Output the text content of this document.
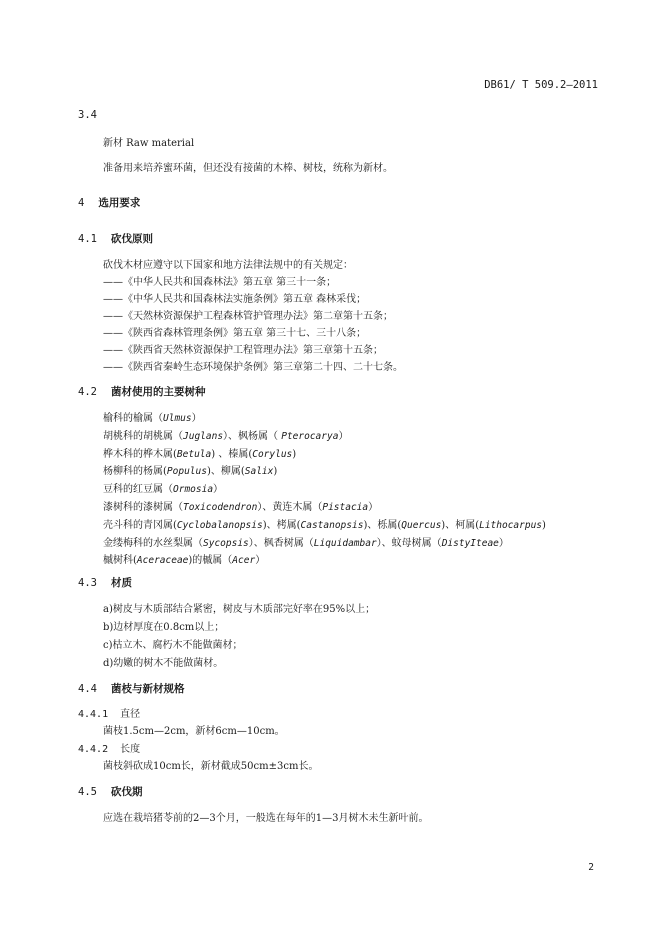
DB61/ T 509.2—2011
3.4
新材 Raw material
准备用来培养蜜环菌，但还没有接菌的木棒、树枝，统称为新材。
4 选用要求
4.1 砍伐原则
砍伐木材应遵守以下国家和地方法律法规中的有关规定：
——《中华人民共和国森林法》第五章 第三十一条；
——《中华人民共和国森林法实施条例》第五章 森林采伐；
——《天然林资源保护工程森林管护管理办法》第二章第十五条；
——《陕西省森林管理条例》第五章 第三十七、三十八条；
——《陕西省天然林资源保护工程管理办法》第三章第十五条；
——《陕西省秦岭生态环境保护条例》第三章第二十四、二十七条。
4.2 菌材使用的主要树种
榆科的榆属（Ulmus）
胡桃科的胡桃属（Juglans）、枫杨属（ Pterocarya）
桦木科的桦木属(Betula) 、榛属(Corylus)
杨柳科的杨属(Populus)、柳属(Salix)
豆科的红豆属（Ormosia）
漆树科的漆树属（Toxicodendron）、黄连木属（Pistacia）
壳斗科的青冈属(Cyclobalanopsis)、栲属(Castanopsis)、栎属(Quercus)、柯属(Lithocarpus)
金缕梅科的水丝梨属（Sycopsis）、枫香树属（Liquidambar）、蚊母树属（DistyIteae）
槭树科(Aceraceae)的槭属（Acer）
4.3 材质
a)树皮与木质部结合紧密，树皮与木质部完好率在95%以上；
b)边材厚度在0.8cm以上；
c)枯立木、腐朽木不能做菌材；
d)幼嫩的树木不能做菌材。
4.4 菌枝与新材规格
4.4.1 直径
菌枝1.5cm—2cm，新材6cm—10cm。
4.4.2 长度
菌枝斜砍成10cm长，新材截成50cm±3cm长。
4.5 砍伐期
应选在栽培猪苓前的2—3个月，一般选在每年的1—3月树木未生新叶前。
2
